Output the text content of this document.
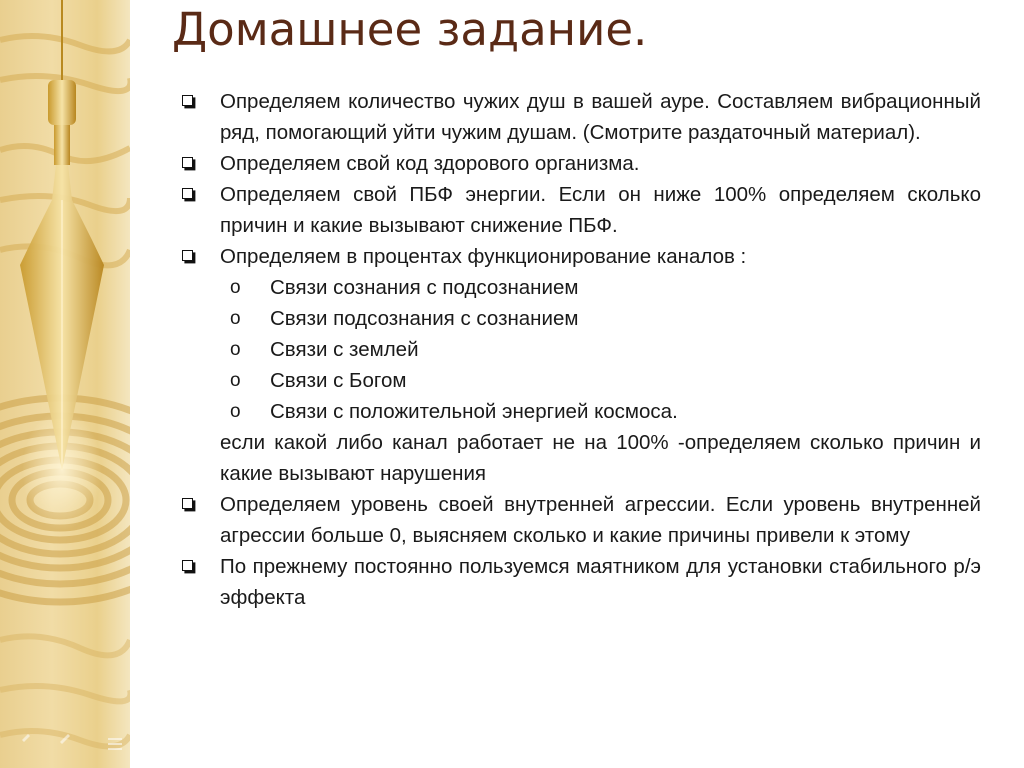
Домашнее задание.
Определяем количество чужих душ в вашей ауре. Составляем вибрационный ряд, помогающий уйти чужим душам. (Смотрите раздаточный материал).
Определяем свой код здорового организма.
Определяем свой ПБФ энергии. Если он ниже 100% определяем сколько причин и какие вызывают снижение ПБФ.
Определяем в процентах функционирование каналов :
o Связи сознания с подсознанием
o Связи подсознания с сознанием
o Связи с землей
o Связи с Богом
o Связи с положительной энергией космоса.
если какой либо канал работает не на 100% -определяем сколько причин и какие вызывают нарушения
Определяем уровень своей внутренней агрессии. Если уровень внутренней агрессии больше 0, выясняем сколько и какие причины привели к этому
По прежнему постоянно пользуемся маятником для установки стабильного р/э эффекта
